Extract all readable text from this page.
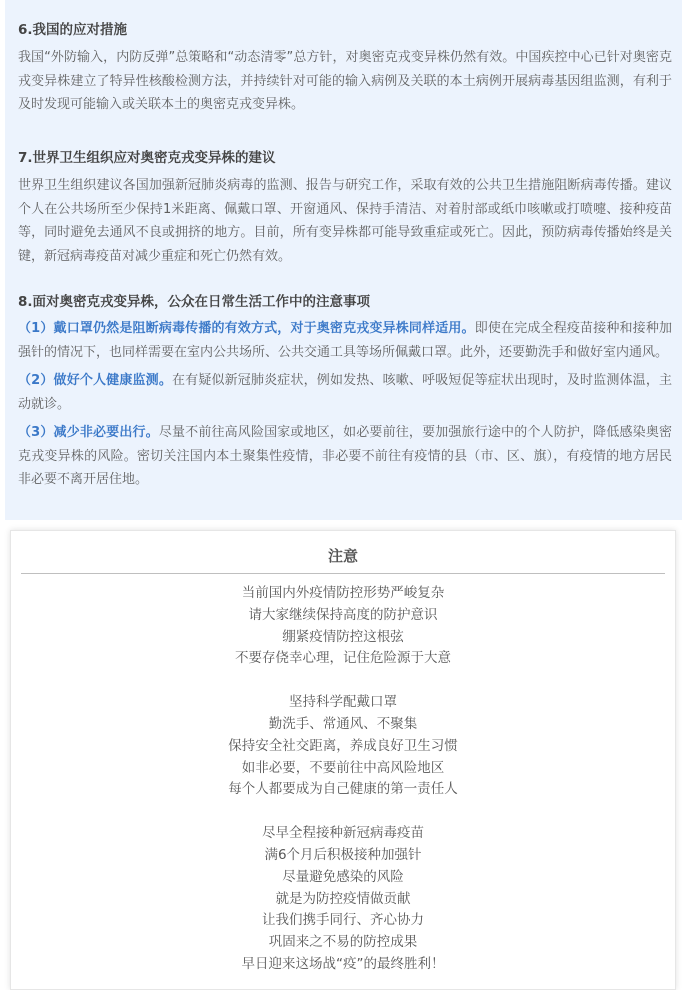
6.我国的应对措施

我国“外防输入，内防反弹”总策略和“动态清零”总方针，对奥密克戎变异株仍然有效。中国疾控中心已针对奥密克戎变异株建立了特异性核酸检测方法，并持续针对可能的输入病例及关联的本土病例开展病毒基因组监测，有利于及时发现可能输入或关联本土的奥密克戎变异株。

7.世界卫生组织应对奥密克戎变异株的建议

世界卫生组织建议各国加强新冠肺炎病毒的监测、报告与研究工作，采取有效的公共卫生措施阻断病毒传播。建议个人在公共场所至少保持1米距离、佩戴口罩、开窗通风、保持手清洁、对着肘部或纸巾咳嗽或打喷嚏、接种疫苗等，同时避免去通风不良或拥挤的地方。目前，所有变异株都可能导致重症或死亡。因此，预防病毒传播始终是关键，新冠病毒疫苗对减少重症和死亡仍然有效。

8.面对奥密克戎变异株，公众在日常生活工作中的注意事项

（1）戴口罩仍然是阻断病毒传播的有效方式，对于奥密克戎变异株同样适用。即使在完成全程疫苗接种和接种加强针的情况下，也同样需要在室内公共场所、公共交通工具等场所佩戴口罩。此外，还要勤洗手和做好室内通风。

（2）做好个人健康监测。在有疑似新冠肺炎症状，例如发热、咳嗽、呼吸短促等症状出现时，及时监测体温，主动就诊。

（3）减少非必要出行。尽量不前往高风险国家或地区，如必要前往，要加强旅行途中的个人防护，降低感染奥密克戎变异株的风险。密切关注国内本土聚集性疫情，非必要不前往有疫情的县（市、区、旗），有疫情的地方居民非必要不离开居住地。

注意
当前国内外疫情防控形势严峻复杂
请大家继续保持高度的防护意识
绷紧疫情防控这根弦
不要存侥幸心理，记住危险源于大意
坚持科学配戴口罩
勤洗手、常通风、不聚集
保持安全社交距离，养成良好卫生习惯
如非必要，不要前往中高风险地区
每个人都要成为自己健康的第一责任人
尽早全程接种新冠病毒疫苗
满6个月后积极接种加强针
尽量避免感染的风险
就是为防控疫情做贡献
让我们携手同行、齐心协力
巩固来之不易的防控成果
早日迎来这场战“疫”的最终胜利！
